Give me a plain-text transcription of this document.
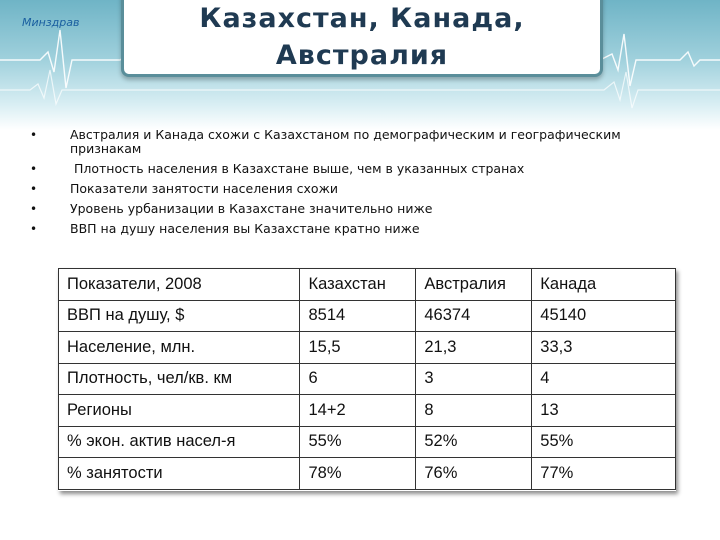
Минздрав	Казахстан, Канада,
Австралия
•	Австралия и Канада схожи с Казахстаном по демографическим и географическим признакам
•	Плотность населения в Казахстане выше, чем в указанных странах
•	Показатели занятости населения схожи
•	Уровень урбанизации в Казахстане значительно ниже
•	ВВП на душу населения вы Казахстане кратно ниже
Показатели, 2008	Казахстан	Австралия	Канада
ВВП на душу, $	8514	46374	45140
Население, млн.	15,5	21,3	33,3
Плотность, чел/кв. км	6	3	4
Регионы	14+2	8	13
% экон. актив насел-я	55%	52%	55%
% занятости	78%	76%	77%
